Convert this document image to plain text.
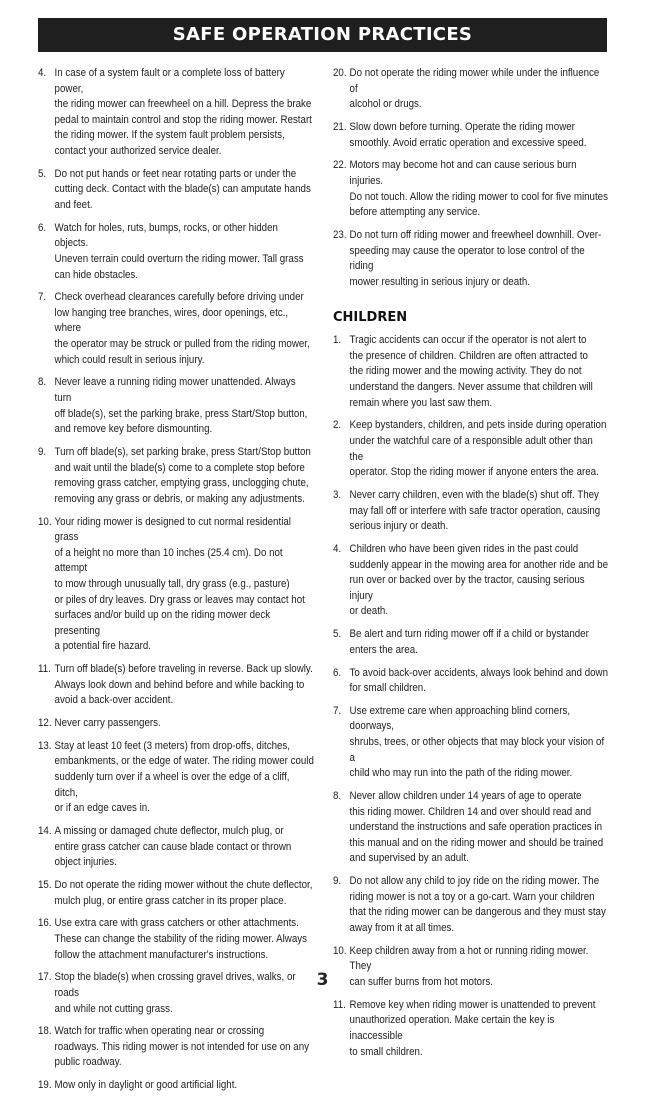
SAFE OPERATION PRACTICES
4. In case of a system fault or a complete loss of battery power,
the riding mower can freewheel on a hill. Depress the brake
pedal to maintain control and stop the riding mower. Restart
the riding mower. If the system fault problem persists,
contact your authorized service dealer.
5. Do not put hands or feet near rotating parts or under the
cutting deck. Contact with the blade(s) can amputate hands
and feet.
6. Watch for holes, ruts, bumps, rocks, or other hidden objects.
Uneven terrain could overturn the riding mower. Tall grass
can hide obstacles.
7. Check overhead clearances carefully before driving under
low hanging tree branches, wires, door openings, etc., where
the operator may be struck or pulled from the riding mower,
which could result in serious injury.
8. Never leave a running riding mower unattended. Always turn
off blade(s), set the parking brake, press Start/Stop button,
and remove key before dismounting.
9. Turn off blade(s), set parking brake, press Start/Stop button
and wait until the blade(s) come to a complete stop before
removing grass catcher, emptying grass, unclogging chute,
removing any grass or debris, or making any adjustments.
10. Your riding mower is designed to cut normal residential grass
of a height no more than 10 inches (25.4 cm). Do not attempt
to mow through unusually tall, dry grass (e.g., pasture)
or piles of dry leaves. Dry grass or leaves may contact hot
surfaces and/or build up on the riding mower deck presenting
a potential fire hazard.
11. Turn off blade(s) before traveling in reverse. Back up slowly.
Always look down and behind before and while backing to
avoid a back-over accident.
12. Never carry passengers.
13. Stay at least 10 feet (3 meters) from drop-offs, ditches,
embankments, or the edge of water. The riding mower could
suddenly turn over if a wheel is over the edge of a cliff, ditch,
or if an edge caves in.
14. A missing or damaged chute deflector, mulch plug, or
entire grass catcher can cause blade contact or thrown
object injuries.
15. Do not operate the riding mower without the chute deflector,
mulch plug, or entire grass catcher in its proper place.
16. Use extra care with grass catchers or other attachments.
These can change the stability of the riding mower. Always
follow the attachment manufacturer's instructions.
17. Stop the blade(s) when crossing gravel drives, walks, or roads
and while not cutting grass.
18. Watch for traffic when operating near or crossing
roadways. This riding mower is not intended for use on any
public roadway.
19. Mow only in daylight or good artificial light.
20. Do not operate the riding mower while under the influence of
alcohol or drugs.
21. Slow down before turning. Operate the riding mower
smoothly. Avoid erratic operation and excessive speed.
22. Motors may become hot and can cause serious burn injuries.
Do not touch. Allow the riding mower to cool for five minutes
before attempting any service.
23. Do not turn off riding mower and freewheel downhill. Over-
speeding may cause the operator to lose control of the riding
mower resulting in serious injury or death.
CHILDREN
1. Tragic accidents can occur if the operator is not alert to
the presence of children. Children are often attracted to
the riding mower and the mowing activity. They do not
understand the dangers. Never assume that children will
remain where you last saw them.
2. Keep bystanders, children, and pets inside during operation
under the watchful care of a responsible adult other than the
operator. Stop the riding mower if anyone enters the area.
3. Never carry children, even with the blade(s) shut off. They
may fall off or interfere with safe tractor operation, causing
serious injury or death.
4. Children who have been given rides in the past could
suddenly appear in the mowing area for another ride and be
run over or backed over by the tractor, causing serious injury
or death.
5. Be alert and turn riding mower off if a child or bystander
enters the area.
6. To avoid back-over accidents, always look behind and down
for small children.
7. Use extreme care when approaching blind corners, doorways,
shrubs, trees, or other objects that may block your vision of a
child who may run into the path of the riding mower.
8. Never allow children under 14 years of age to operate
this riding mower. Children 14 and over should read and
understand the instructions and safe operation practices in
this manual and on the riding mower and should be trained
and supervised by an adult.
9. Do not allow any child to joy ride on the riding mower. The
riding mower is not a toy or a go-cart. Warn your children
that the riding mower can be dangerous and they must stay
away from it at all times.
10. Keep children away from a hot or running riding mower. They
can suffer burns from hot motors.
11. Remove key when riding mower is unattended to prevent
unauthorized operation. Make certain the key is inaccessible
to small children.
3
